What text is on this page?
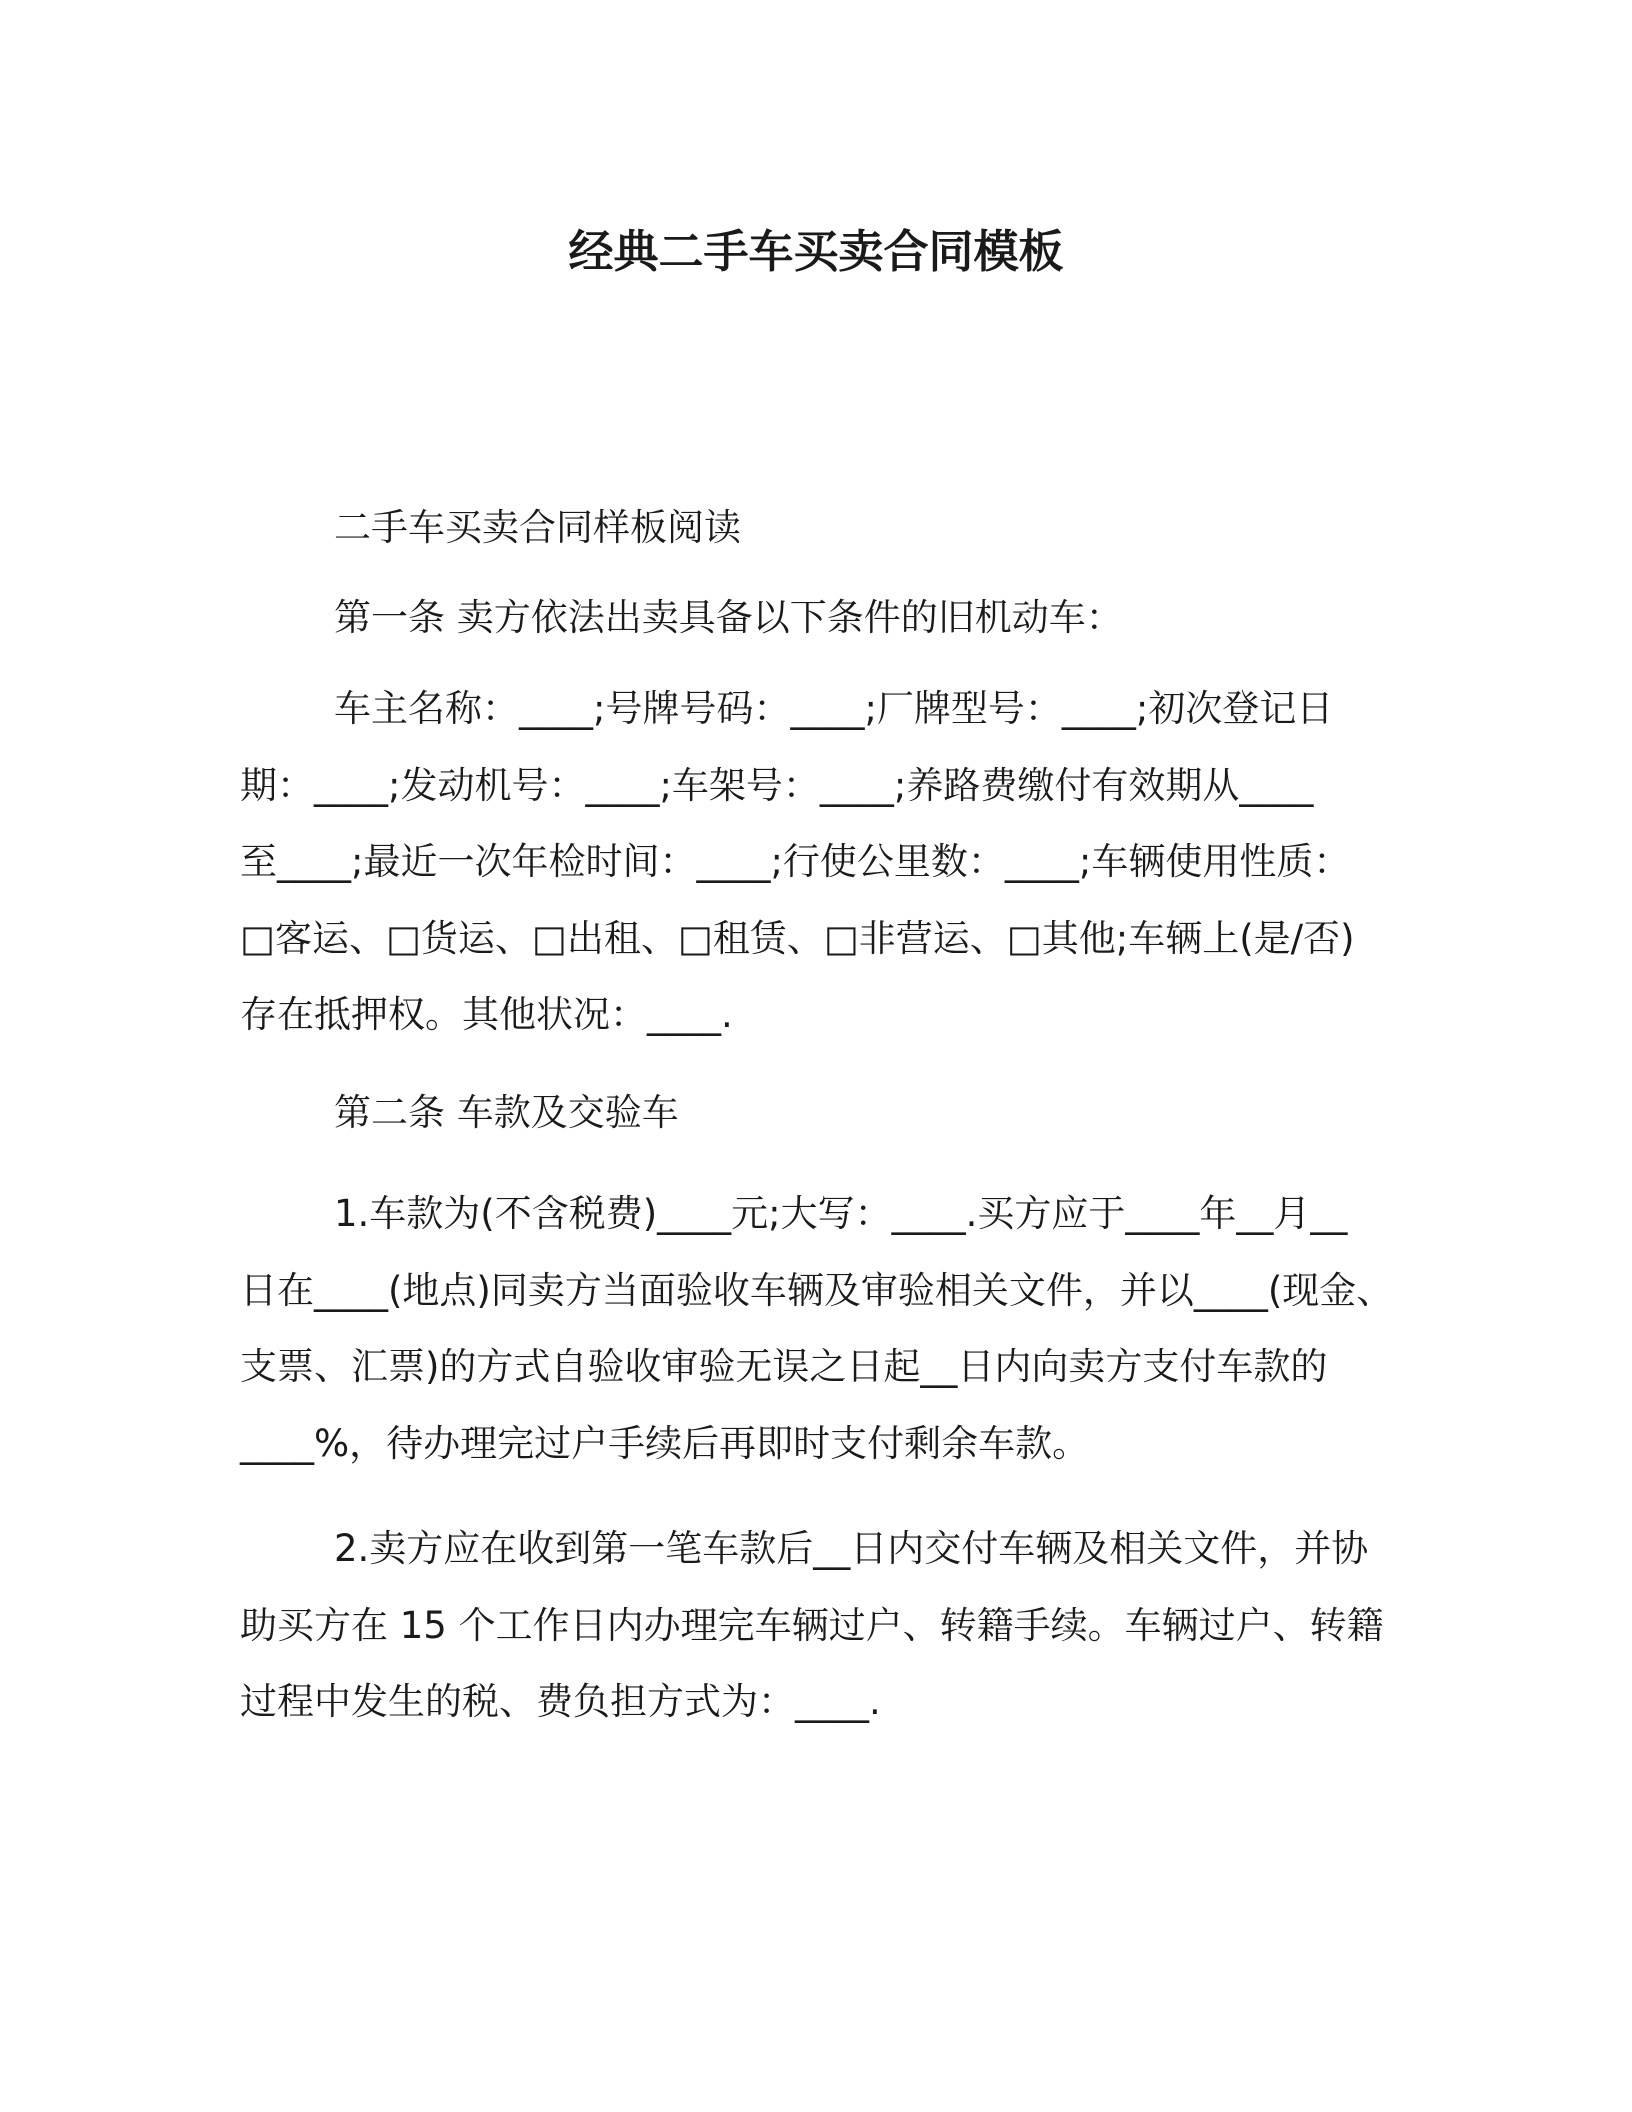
经典二手车买卖合同模板

二手车买卖合同样板阅读

第一条 卖方依法出卖具备以下条件的旧机动车：

车主名称：____;号牌号码：____;厂牌型号：____;初次登记日
期：____;发动机号：____;车架号：____;养路费缴付有效期从____
至____;最近一次年检时间：____;行使公里数：____;车辆使用性质：
□客运、□货运、□出租、□租赁、□非营运、□其他;车辆上(是/否)
存在抵押权。其他状况：____.

第二条 车款及交验车

1.车款为(不含税费)____元;大写：____.买方应于____年__月__
日在____(地点)同卖方当面验收车辆及审验相关文件，并以____(现金、
支票、汇票)的方式自验收审验无误之日起__日内向卖方支付车款的
____%，待办理完过户手续后再即时支付剩余车款。
2.卖方应在收到第一笔车款后__日内交付车辆及相关文件，并协
助买方在 15 个工作日内办理完车辆过户、转籍手续。车辆过户、转籍
过程中发生的税、费负担方式为：____.
